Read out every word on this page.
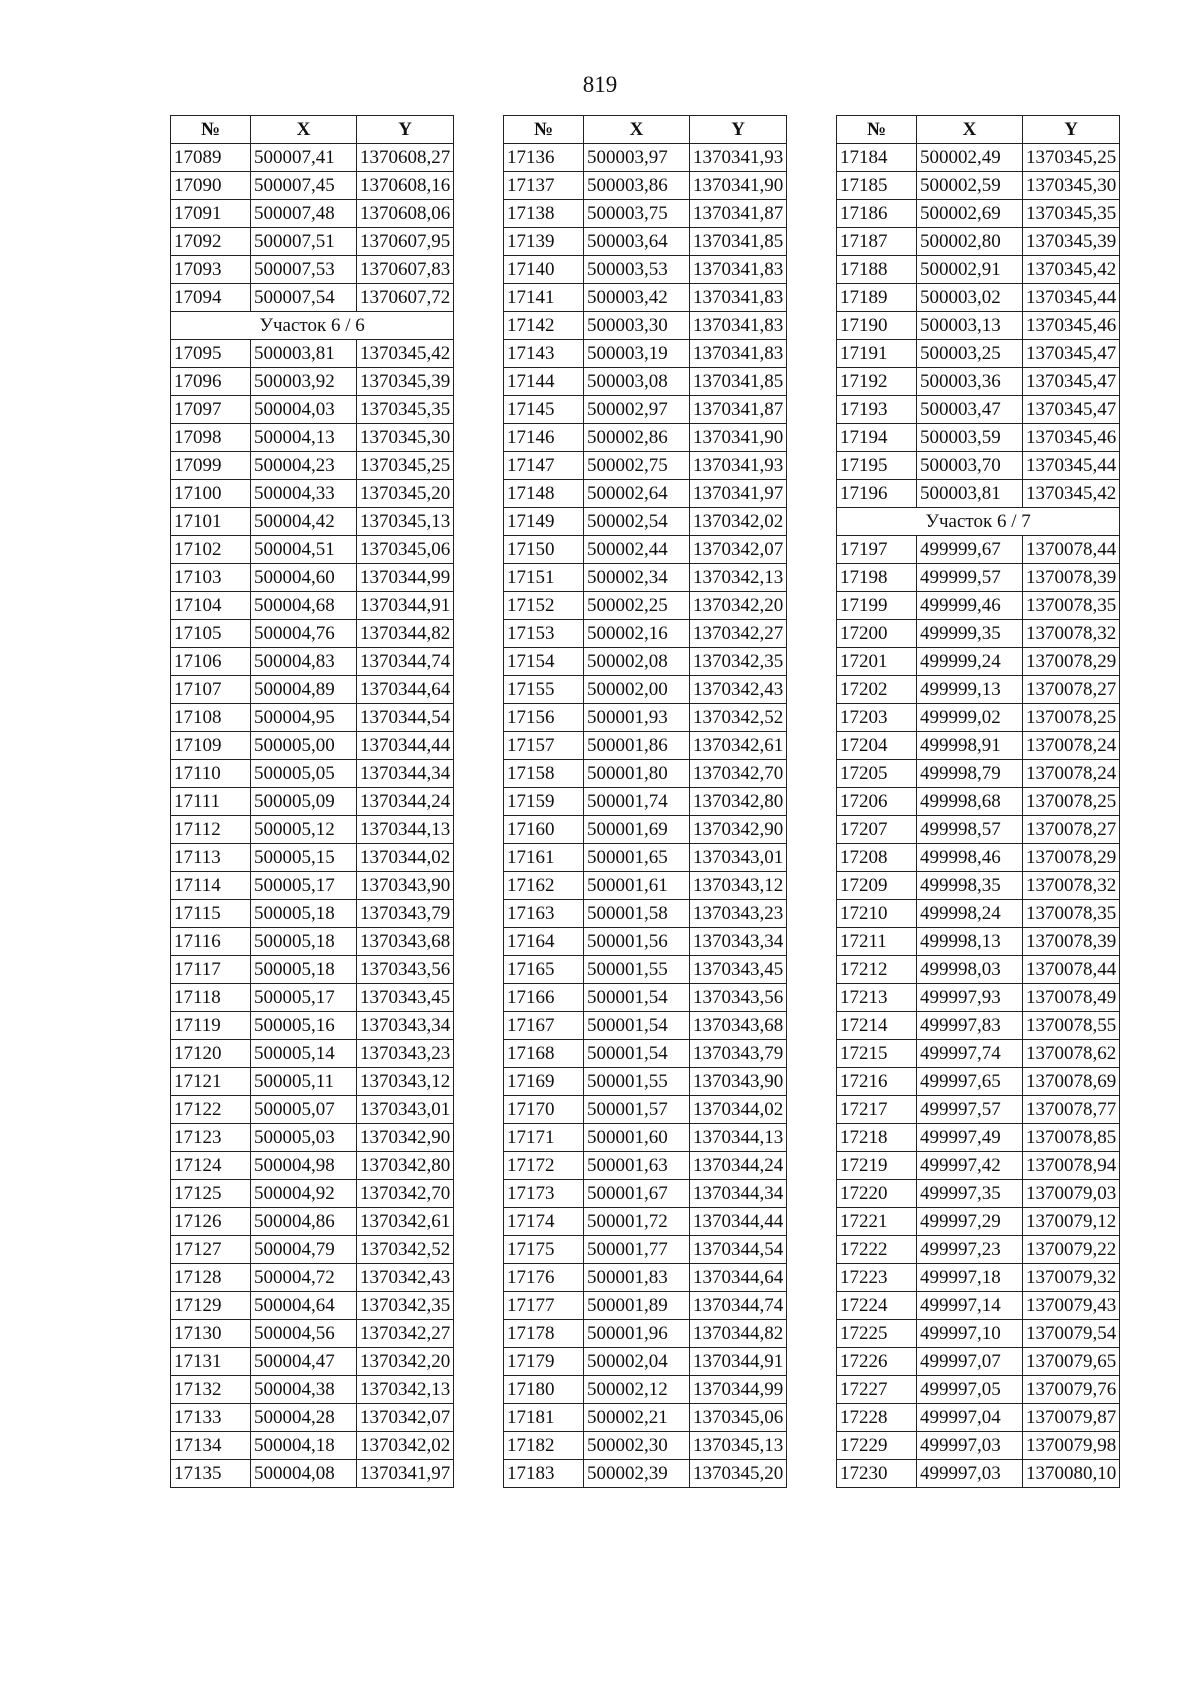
819
№	X	Y
17089	500007,41	1370608,27
17090	500007,45	1370608,16
17091	500007,48	1370608,06
17092	500007,51	1370607,95
17093	500007,53	1370607,83
17094	500007,54	1370607,72
Участок 6 / 6		
17095	500003,81	1370345,42
17096	500003,92	1370345,39
17097	500004,03	1370345,35
17098	500004,13	1370345,30
17099	500004,23	1370345,25
17100	500004,33	1370345,20
17101	500004,42	1370345,13
17102	500004,51	1370345,06
17103	500004,60	1370344,99
17104	500004,68	1370344,91
17105	500004,76	1370344,82
17106	500004,83	1370344,74
17107	500004,89	1370344,64
17108	500004,95	1370344,54
17109	500005,00	1370344,44
17110	500005,05	1370344,34
17111	500005,09	1370344,24
17112	500005,12	1370344,13
17113	500005,15	1370344,02
17114	500005,17	1370343,90
17115	500005,18	1370343,79
17116	500005,18	1370343,68
17117	500005,18	1370343,56
17118	500005,17	1370343,45
17119	500005,16	1370343,34
17120	500005,14	1370343,23
17121	500005,11	1370343,12
17122	500005,07	1370343,01
17123	500005,03	1370342,90
17124	500004,98	1370342,80
17125	500004,92	1370342,70
17126	500004,86	1370342,61
17127	500004,79	1370342,52
17128	500004,72	1370342,43
17129	500004,64	1370342,35
17130	500004,56	1370342,27
17131	500004,47	1370342,20
17132	500004,38	1370342,13
17133	500004,28	1370342,07
17134	500004,18	1370342,02
17135	500004,08	1370341,97
№	X	Y
17136	500003,97	1370341,93
17137	500003,86	1370341,90
17138	500003,75	1370341,87
17139	500003,64	1370341,85
17140	500003,53	1370341,83
17141	500003,42	1370341,83
17142	500003,30	1370341,83
17143	500003,19	1370341,83
17144	500003,08	1370341,85
17145	500002,97	1370341,87
17146	500002,86	1370341,90
17147	500002,75	1370341,93
17148	500002,64	1370341,97
17149	500002,54	1370342,02
17150	500002,44	1370342,07
17151	500002,34	1370342,13
17152	500002,25	1370342,20
17153	500002,16	1370342,27
17154	500002,08	1370342,35
17155	500002,00	1370342,43
17156	500001,93	1370342,52
17157	500001,86	1370342,61
17158	500001,80	1370342,70
17159	500001,74	1370342,80
17160	500001,69	1370342,90
17161	500001,65	1370343,01
17162	500001,61	1370343,12
17163	500001,58	1370343,23
17164	500001,56	1370343,34
17165	500001,55	1370343,45
17166	500001,54	1370343,56
17167	500001,54	1370343,68
17168	500001,54	1370343,79
17169	500001,55	1370343,90
17170	500001,57	1370344,02
17171	500001,60	1370344,13
17172	500001,63	1370344,24
17173	500001,67	1370344,34
17174	500001,72	1370344,44
17175	500001,77	1370344,54
17176	500001,83	1370344,64
17177	500001,89	1370344,74
17178	500001,96	1370344,82
17179	500002,04	1370344,91
17180	500002,12	1370344,99
17181	500002,21	1370345,06
17182	500002,30	1370345,13
17183	500002,39	1370345,20
№	X	Y
17184	500002,49	1370345,25
17185	500002,59	1370345,30
17186	500002,69	1370345,35
17187	500002,80	1370345,39
17188	500002,91	1370345,42
17189	500003,02	1370345,44
17190	500003,13	1370345,46
17191	500003,25	1370345,47
17192	500003,36	1370345,47
17193	500003,47	1370345,47
17194	500003,59	1370345,46
17195	500003,70	1370345,44
17196	500003,81	1370345,42
Участок 6 / 7		
17197	499999,67	1370078,44
17198	499999,57	1370078,39
17199	499999,46	1370078,35
17200	499999,35	1370078,32
17201	499999,24	1370078,29
17202	499999,13	1370078,27
17203	499999,02	1370078,25
17204	499998,91	1370078,24
17205	499998,79	1370078,24
17206	499998,68	1370078,25
17207	499998,57	1370078,27
17208	499998,46	1370078,29
17209	499998,35	1370078,32
17210	499998,24	1370078,35
17211	499998,13	1370078,39
17212	499998,03	1370078,44
17213	499997,93	1370078,49
17214	499997,83	1370078,55
17215	499997,74	1370078,62
17216	499997,65	1370078,69
17217	499997,57	1370078,77
17218	499997,49	1370078,85
17219	499997,42	1370078,94
17220	499997,35	1370079,03
17221	499997,29	1370079,12
17222	499997,23	1370079,22
17223	499997,18	1370079,32
17224	499997,14	1370079,43
17225	499997,10	1370079,54
17226	499997,07	1370079,65
17227	499997,05	1370079,76
17228	499997,04	1370079,87
17229	499997,03	1370079,98
17230	499997,03	1370080,10
